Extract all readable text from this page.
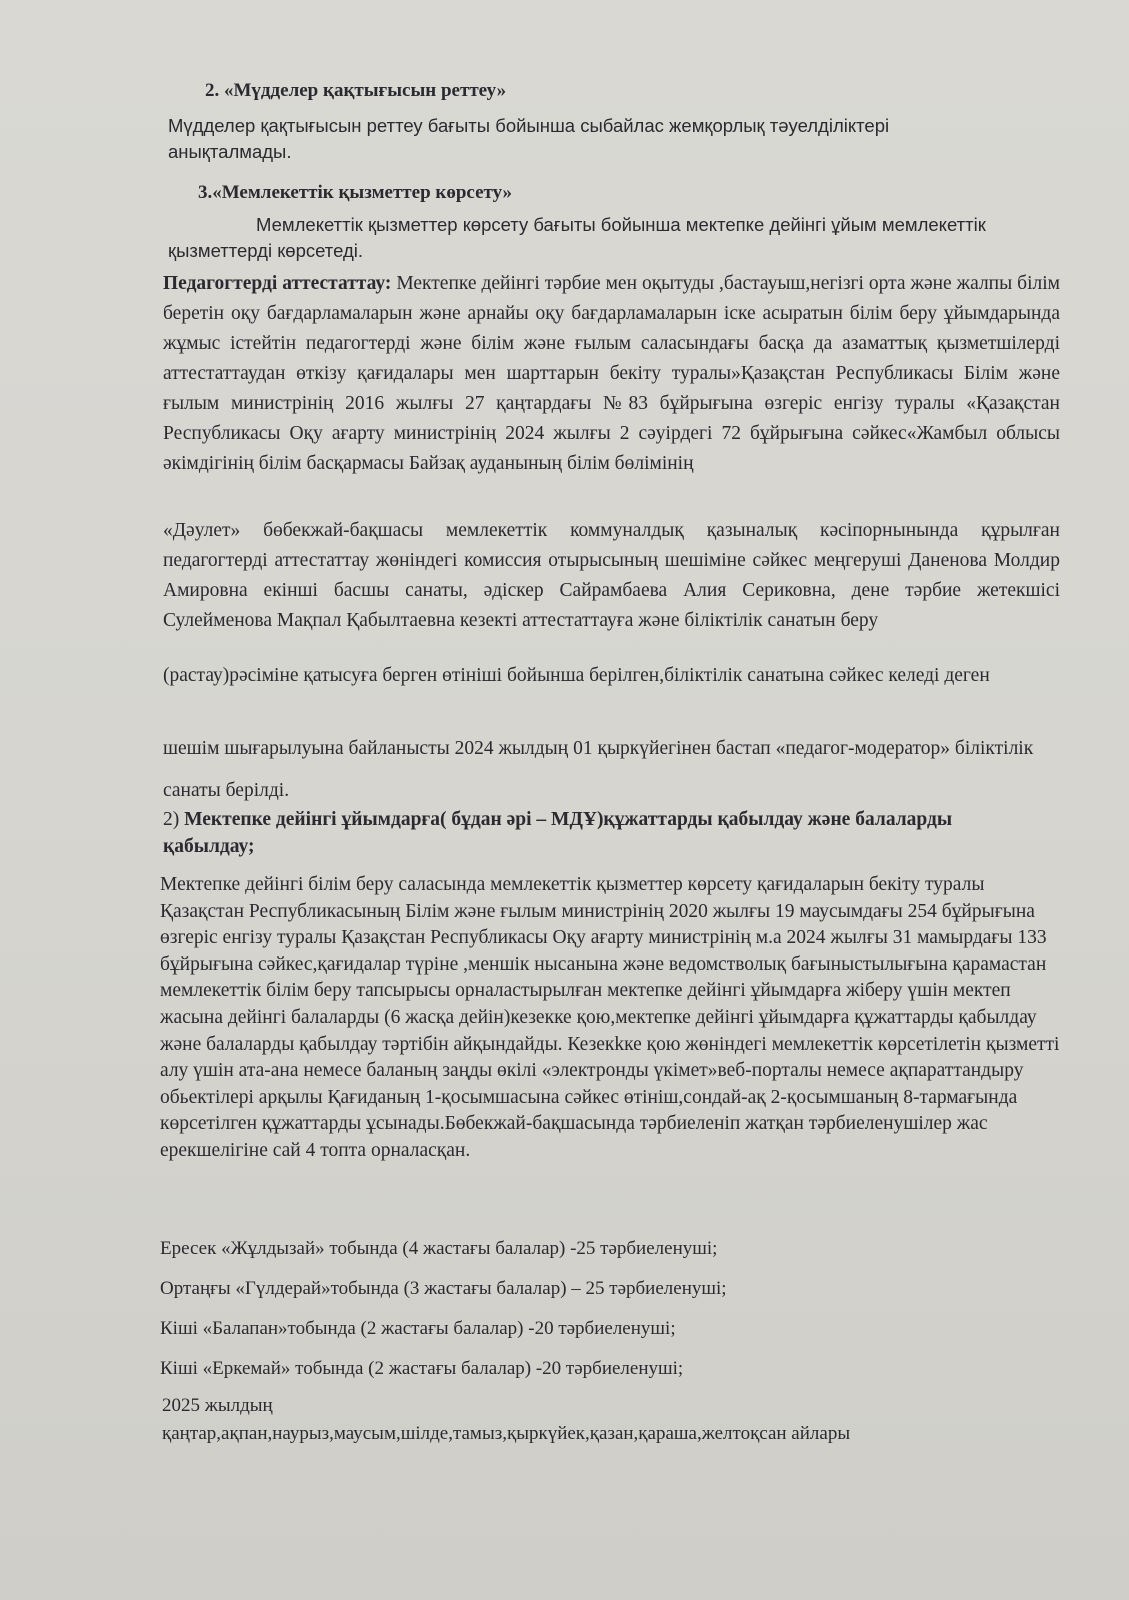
2. «Мүдделер қақтығысын реттеу»
Мүдделер қақтығысын реттеу бағыты бойынша сыбайлас жемқорлық тәуелділіктері анықталмады.
3.«Мемлекеттік қызметтер көрсету»
Мемлекеттік қызметтер көрсету бағыты бойынша мектепке дейінгі ұйым мемлекеттік қызметтерді көрсетеді.
Педагогтерді аттестаттау: Мектепке дейінгі тәрбие мен оқытуды ,бастауыш,негізгі орта және жалпы білім беретін оқу бағдарламаларын және арнайы оқу бағдарламаларын іске асыратын білім беру ұйымдарында жұмыс істейтін педагогтерді және білім және ғылым саласындағы басқа да азаматтық қызметшілерді аттестаттаудан өткізу қағидалары мен шарттарын бекіту туралы»Қазақстан Республикасы Білім және ғылым министрінің 2016 жылғы 27 қаңтардағы №83 бұйрығына өзгеріс енгізу туралы «Қазақстан Республикасы Оқу ағарту министрінің 2024 жылғы 2 сәуірдегі 72 бұйрығына сәйкес«Жамбыл облысы әкімдігінің білім басқармасы Байзақ ауданының білім бөлімінің
«Дәулет» бөбекжай-бақшасы мемлекеттік коммуналдық қазыналық кәсіпорнынында құрылған педагогтерді аттестаттау жөніндегі комиссия отырысының шешіміне сәйкес меңгеруші Даненова Молдир Амировна екінші басшы санаты, әдіскер Сайрамбаева Алия Сериковна, дене тәрбие жетекшісі Сулейменова Мақпал Қабылтаевна кезекті аттестаттауға және біліктілік санатын беру
(растау)рәсіміне қатысуға берген өтініші бойынша берілген,біліктілік санатына сәйкес келеді деген
шешім шығарылуына байланысты 2024 жылдың 01 қыркүйегінен бастап «педагог-модератор» біліктілік санаты берілді.
2) Мектепке дейінгі ұйымдарға( бұдан әрі – МДҰ)құжаттарды қабылдау және балаларды қабылдау;
Мектепке дейінгі білім беру саласында мемлекеттік қызметтер көрсету қағидаларын бекіту туралы Қазақстан Республикасының Білім және ғылым министрінің 2020 жылғы 19 маусымдағы 254 бұйрығына өзгеріс енгізу туралы Қазақстан Республикасы Оқу ағарту министрінің м.а 2024 жылғы 31 мамырдағы 133 бұйрығына сәйкес,қағидалар түріне ,меншік нысанына және ведомстволық бағыныстылығына қарамастан мемлекеттік білім беру тапсырысы орналастырылған мектепке дейінгі ұйымдарға жіберу үшін мектеп жасына дейінгі балаларды (6 жасқа дейін)кезекке қою,мектепке дейінгі ұйымдарға құжаттарды қабылдау және балаларды қабылдау тәртібін айқындайды. Кезекkке қою жөніндегі мемлекеттік көрсетілетін қызметті алу үшін ата-ана немесе баланың заңды өкілі «электронды үкімет»веб-порталы немесе ақпараттандыру обьектілері арқылы Қағиданың 1-қосымшасына сәйкес өтініш,сондай-ақ 2-қосымшаның 8-тармағында көрсетілген құжаттарды ұсынады.Бөбекжай-бақшасында тәрбиеленіп жатқан тәрбиеленушілер жас ерекшелігіне сай 4 топта орналасқан.
Ересек «Жұлдызай» тобында (4 жастағы балалар) -25 тәрбиеленуші;
Ортаңғы «Гүлдерай»тобында (3 жастағы балалар) – 25 тәрбиеленуші;
Кіші «Балапан»тобында (2 жастағы балалар) -20 тәрбиеленуші;
Кіші «Еркемай» тобында (2 жастағы балалар) -20 тәрбиеленуші;
2025 жылдың
қаңтар,ақпан,наурыз,маусым,шілде,тамыз,қыркүйек,қазан,қараша,желтоқсан айлары
